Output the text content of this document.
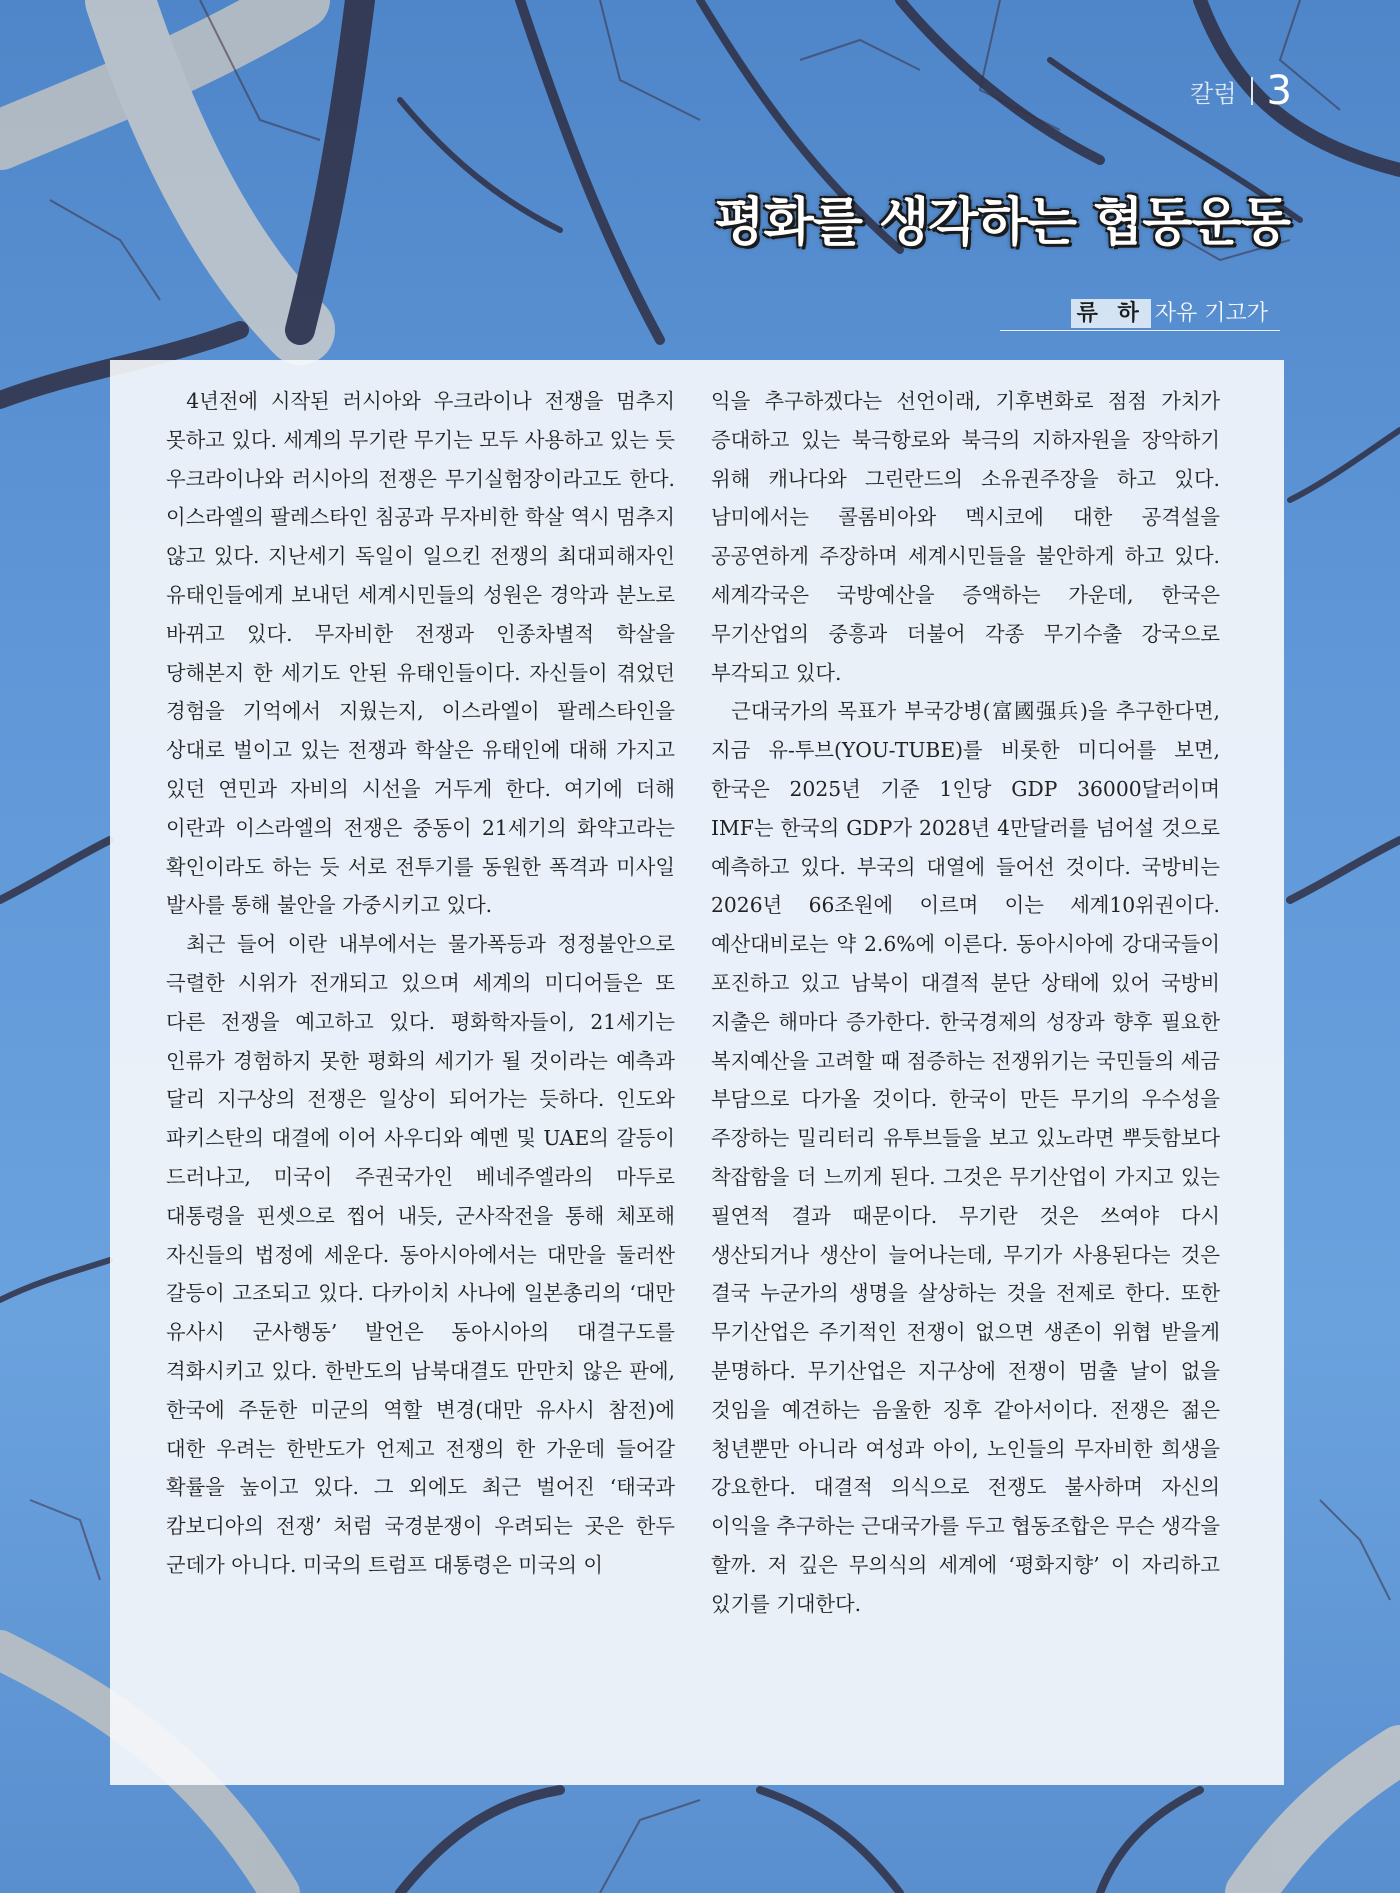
칼럼 3
평화를 생각하는 협동운동
류 하 자유 기고가

4년전에 시작된 러시아와 우크라이나 전쟁을 멈추지 못하고 있다. 세계의 무기란 무기는 모두 사용하고 있는 듯 우크라이나와 러시아의 전쟁은 무기실험장이라고도 한다. 이스라엘의 팔레스타인 침공과 무자비한 학살 역시 멈추지 않고 있다. 지난세기 독일이 일으킨 전쟁의 최대피해자인 유태인들에게 보내던 세계시민들의 성원은 경악과 분노로 바뀌고 있다. 무자비한 전쟁과 인종차별적 학살을 당해본지 한 세기도 안된 유태인들이다. 자신들이 겪었던 경험을 기억에서 지웠는지, 이스라엘이 팔레스타인을 상대로 벌이고 있는 전쟁과 학살은 유태인에 대해 가지고 있던 연민과 자비의 시선을 거두게 한다. 여기에 더해 이란과 이스라엘의 전쟁은 중동이 21세기의 화약고라는 확인이라도 하는 듯 서로 전투기를 동원한 폭격과 미사일 발사를 통해 불안을 가중시키고 있다.

최근 들어 이란 내부에서는 물가폭등과 정정불안으로 극렬한 시위가 전개되고 있으며 세계의 미디어들은 또 다른 전쟁을 예고하고 있다. 평화학자들이, 21세기는 인류가 경험하지 못한 평화의 세기가 될 것이라는 예측과 달리 지구상의 전쟁은 일상이 되어가는 듯하다. 인도와 파키스탄의 대결에 이어 사우디와 예멘 및 UAE의 갈등이 드러나고, 미국이 주권국가인 베네주엘라의 마두로 대통령을 핀셋으로 찝어 내듯, 군사작전을 통해 체포해 자신들의 법정에 세운다. 동아시아에서는 대만을 둘러싼 갈등이 고조되고 있다. 다카이치 사나에 일본총리의 ‘대만 유사시 군사행동’ 발언은 동아시아의 대결구도를 격화시키고 있다. 한반도의 남북대결도 만만치 않은 판에, 한국에 주둔한 미군의 역할 변경(대만 유사시 참전)에 대한 우려는 한반도가 언제고 전쟁의 한 가운데 들어갈 확률을 높이고 있다. 그 외에도 최근 벌어진 ‘태국과 캄보디아의 전쟁’ 처럼 국경분쟁이 우려되는 곳은 한두 군데가 아니다. 미국의 트럼프 대통령은 미국의 이

익을 추구하겠다는 선언이래, 기후변화로 점점 가치가 증대하고 있는 북극항로와 북극의 지하자원을 장악하기 위해 캐나다와 그린란드의 소유권주장을 하고 있다. 남미에서는 콜롬비아와 멕시코에 대한 공격설을 공공연하게 주장하며 세계시민들을 불안하게 하고 있다. 세계각국은 국방예산을 증액하는 가운데, 한국은 무기산업의 중흥과 더불어 각종 무기수출 강국으로 부각되고 있다.

근대국가의 목표가 부국강병(富國强兵)을 추구한다면, 지금 유-투브(YOU-TUBE)를 비롯한 미디어를 보면, 한국은 2025년 기준 1인당 GDP 36000달러이며 IMF는 한국의 GDP가 2028년 4만달러를 넘어설 것으로 예측하고 있다. 부국의 대열에 들어선 것이다. 국방비는 2026년 66조원에 이르며 이는 세계10위권이다. 예산대비로는 약 2.6%에 이른다. 동아시아에 강대국들이 포진하고 있고 남북이 대결적 분단 상태에 있어 국방비 지출은 해마다 증가한다. 한국경제의 성장과 향후 필요한 복지예산을 고려할 때 점증하는 전쟁위기는 국민들의 세금 부담으로 다가올 것이다. 한국이 만든 무기의 우수성을 주장하는 밀리터리 유투브들을 보고 있노라면 뿌듯함보다 착잡함을 더 느끼게 된다. 그것은 무기산업이 가지고 있는 필연적 결과 때문이다. 무기란 것은 쓰여야 다시 생산되거나 생산이 늘어나는데, 무기가 사용된다는 것은 결국 누군가의 생명을 살상하는 것을 전제로 한다. 또한 무기산업은 주기적인 전쟁이 없으면 생존이 위협 받을게 분명하다. 무기산업은 지구상에 전쟁이 멈출 날이 없을 것임을 예견하는 음울한 징후 같아서이다. 전쟁은 젊은 청년뿐만 아니라 여성과 아이, 노인들의 무자비한 희생을 강요한다. 대결적 의식으로 전쟁도 불사하며 자신의 이익을 추구하는 근대국가를 두고 협동조합은 무슨 생각을 할까. 저 깊은 무의식의 세계에 ‘평화지향’ 이 자리하고 있기를 기대한다.
